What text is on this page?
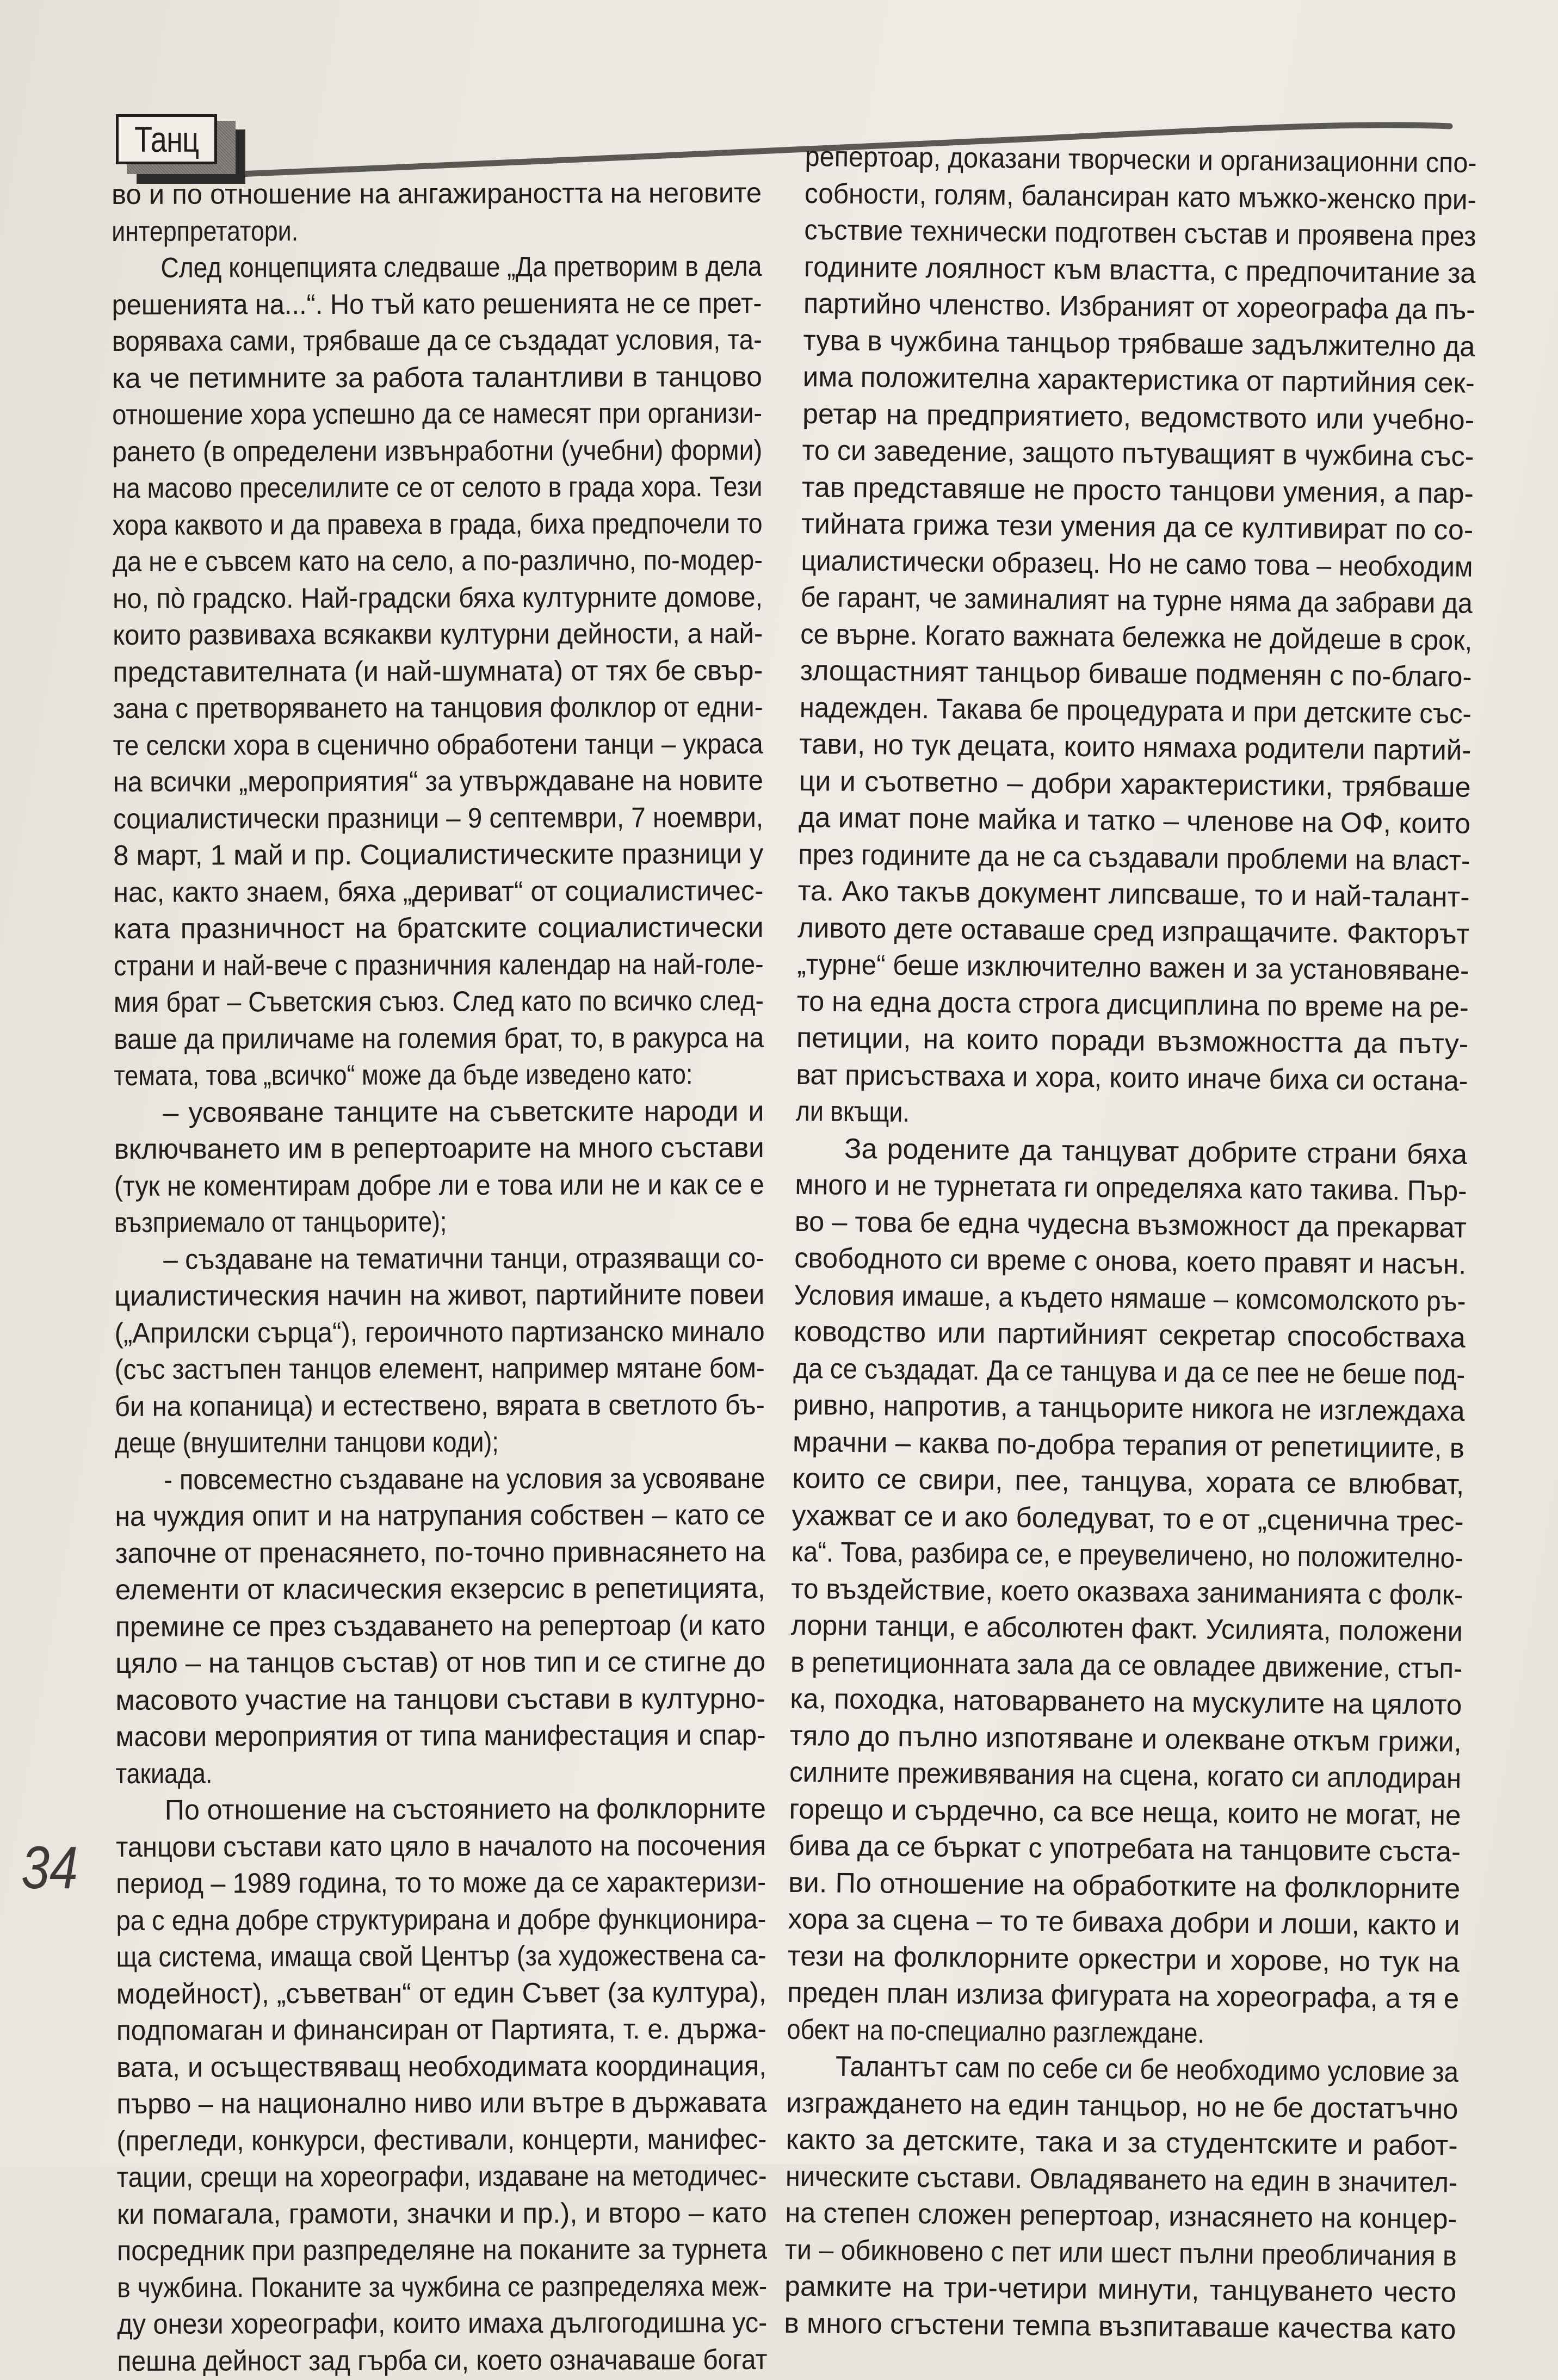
Танц
во и по отношение на ангажираността на неговите
интерпретатори.
След концепцията следваше „Да претворим в дела
решенията на...“. Но тъй като решенията не се прет-
воряваха сами, трябваше да се създадат условия, та-
ка че петимните за работа талантливи в танцово
отношение хора успешно да се намесят при организи-
рането (в определени извънработни (учебни) форми)
на масово преселилите се от селото в града хора. Тези
хора каквото и да правеха в града, биха предпочели то
да не е съвсем като на село, а по-различно, по-модер-
но, пò градско. Най-градски бяха културните домове,
които развиваха всякакви културни дейности, а най-
представителната (и най-шумната) от тях бе свър-
зана с претворяването на танцовия фолклор от едни-
те селски хора в сценично обработени танци – украса
на всички „мероприятия“ за утвърждаване на новите
социалистически празници – 9 септември, 7 ноември,
8 март, 1 май и пр. Социалистическите празници у
нас, както знаем, бяха „дериват“ от социалистичес-
ката празничност на братските социалистически
страни и най-вече с празничния календар на най-голе-
мия брат – Съветския съюз. След като по всичко след-
ваше да приличаме на големия брат, то, в ракурса на
темата, това „всичко“ може да бъде изведено като:
– усвояване танците на съветските народи и
включването им в репертоарите на много състави
(тук не коментирам добре ли е това или не и как се е
възприемало от танцьорите);
– създаване на тематични танци, отразяващи со-
циалистическия начин на живот, партийните повеи
(„Априлски сърца“), героичното партизанско минало
(със застъпен танцов елемент, например мятане бом-
би на копаница) и естествено, вярата в светлото бъ-
деще (внушителни танцови коди);
- повсеместно създаване на условия за усвояване
на чуждия опит и на натрупания собствен – като се
започне от пренасянето, по-точно привнасянето на
елементи от класическия екзерсис в репетицията,
премине се през създаването на репертоар (и като
цяло – на танцов състав) от нов тип и се стигне до
масовото участие на танцови състави в културно-
масови мероприятия от типа манифестация и спар-
такиада.
По отношение на състоянието на фолклорните
танцови състави като цяло в началото на посочения
период – 1989 година, то то може да се характеризи-
ра с една добре структурирана и добре функционира-
ща система, имаща свой Център (за художествена са-
модейност), „съветван“ от един Съвет (за култура),
подпомаган и финансиран от Партията, т. е. държа-
вата, и осъществяващ необходимата координация,
първо – на национално ниво или вътре в държавата
(прегледи, конкурси, фестивали, концерти, манифес-
тации, срещи на хореографи, издаване на методичес-
ки помагала, грамоти, значки и пр.), и второ – като
посредник при разпределяне на поканите за турнета
в чужбина. Поканите за чужбина се разпределяха меж-
ду онези хореографи, които имаха дългогодишна ус-
пешна дейност зад гърба си, което означаваше богат
репертоар, доказани творчески и организационни спо-
собности, голям, балансиран като мъжко-женско при-
съствие технически подготвен състав и проявена през
годините лоялност към властта, с предпочитание за
партийно членство. Избраният от хореографа да пъ-
тува в чужбина танцьор трябваше задължително да
има положителна характеристика от партийния сек-
ретар на предприятието, ведомството или учебно-
то си заведение, защото пътуващият в чужбина със-
тав представяше не просто танцови умения, а пар-
тийната грижа тези умения да се култивират по со-
циалистически образец. Но не само това – необходим
бе гарант, че заминалият на турне няма да забрави да
се върне. Когато важната бележка не дойдеше в срок,
злощастният танцьор биваше подменян с по-благо-
надежден. Такава бе процедурата и при детските със-
тави, но тук децата, които нямаха родители партий-
ци и съответно – добри характеристики, трябваше
да имат поне майка и татко – членове на ОФ, които
през годините да не са създавали проблеми на власт-
та. Ако такъв документ липсваше, то и най-талант-
ливото дете оставаше сред изпращачите. Факторът
„турне“ беше изключително важен и за установяване-
то на една доста строга дисциплина по време на ре-
петиции, на които поради възможността да пъту-
ват присъстваха и хора, които иначе биха си остана-
ли вкъщи.
За родените да танцуват добрите страни бяха
много и не турнетата ги определяха като такива. Пър-
во – това бе една чудесна възможност да прекарват
свободното си време с онова, което правят и насън.
Условия имаше, а където нямаше – комсомолското ръ-
ководство или партийният секретар способстваха
да се създадат. Да се танцува и да се пее не беше под-
ривно, напротив, а танцьорите никога не изглеждаха
мрачни – каква по-добра терапия от репетициите, в
които се свири, пее, танцува, хората се влюбват,
ухажват се и ако боледуват, то е от „сценична трес-
ка“. Това, разбира се, е преувеличено, но положително-
то въздействие, което оказваха заниманията с фолк-
лорни танци, е абсолютен факт. Усилията, положени
в репетиционната зала да се овладее движение, стъп-
ка, походка, натоварването на мускулите на цялото
тяло до пълно изпотяване и олекване откъм грижи,
силните преживявания на сцена, когато си аплодиран
горещо и сърдечно, са все неща, които не могат, не
бива да се бъркат с употребата на танцовите съста-
ви. По отношение на обработките на фолклорните
хора за сцена – то те биваха добри и лоши, както и
тези на фолклорните оркестри и хорове, но тук на
преден план излиза фигурата на хореографа, а тя е
обект на по-специално разглеждане.
Талантът сам по себе си бе необходимо условие за
изграждането на един танцьор, но не бе достатъчно
както за детските, така и за студентските и работ-
ническите състави. Овладяването на един в значител-
на степен сложен репертоар, изнасянето на концер-
ти – обикновено с пет или шест пълни преобличания в
рамките на три-четири минути, танцуването често
в много сгъстени темпа възпитаваше качества като
34
